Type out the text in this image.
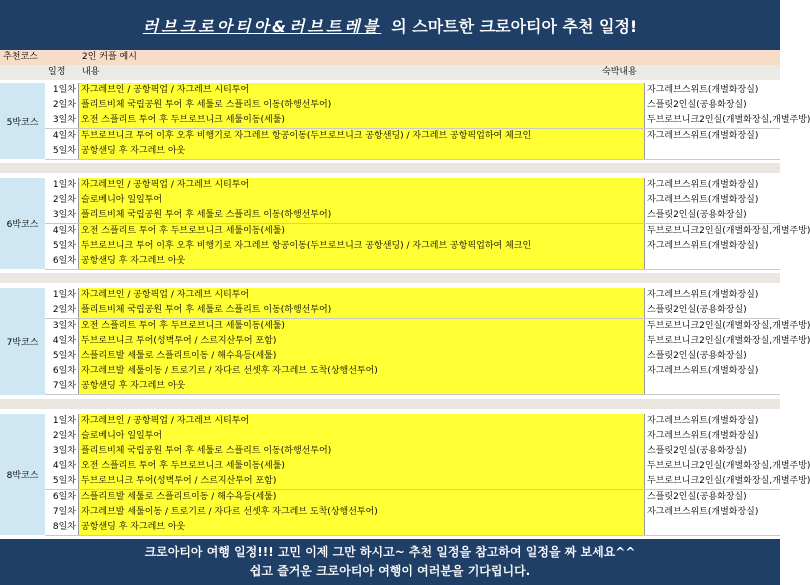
러브크로아티아&러브트레블 의 스마트한 크로아티아 추천 일정!
추천코스	2인 커플 예시
일정 내용	숙박내용
5박코스
1일차 자그레브인 / 공항픽업 / 자그레브 시티투어	자그레브스위트(개별화장실)
2일차 플리트비체 국립공원 투어 후 세툴로 스플리트 이동(하행선투어)	스플릿2인실(공용화장실)
3일차 오전 스플리트 투어 후 두브로브니크 세툴이동(세툴)	두브로브니크2인실(개별화장실,개별주방)
4일차 두브로브니크 투어 이후 오후 비행기로 자그레브 항공이동(두브로브니크 공항샌딩) / 자그레브 공항픽업하여 체크인	자그레브스위트(개별화장실)
5일차 공항샌딩 후 자그레브 아웃
6박코스
1일차 자그레브인 / 공항픽업 / 자그레브 시티투어	자그레브스위트(개별화장실)
2일차 슬로베니아 일일투어	자그레브스위트(개별화장실)
3일차 플리트비체 국립공원 투어 후 세툴로 스플리트 이동(하행선투어)	스플릿2인실(공용화장실)
4일차 오전 스플리트 투어 후 두브로브니크 세툴이동(세툴)	두브로브니크2인실(개별화장실,개별주방)
5일차 두브로브니크 투어 이후 오후 비행기로 자그레브 항공이동(두브로브니크 공항샌딩) / 자그레브 공항픽업하여 체크인	자그레브스위트(개별화장실)
6일차 공항샌딩 후 자그레브 아웃
7박코스
1일차 자그레브인 / 공항픽업 / 자그레브 시티투어	자그레브스위트(개별화장실)
2일차 플리트비체 국립공원 투어 후 세툴로 스플리트 이동(하행선투어)	스플릿2인실(공용화장실)
3일차 오전 스플리트 투어 후 두브로브니크 세툴이동(세툴)	두브로브니크2인실(개별화장실,개별주방)
4일차 두브로브니크 투어(성벽투어 / 스르지산투어 포함)	두브로브니크2인실(개별화장실,개별주방)
5일차 스플리트발 세툴로 스플리트이동 / 해수욕등(세툴)	스플릿2인실(공용화장실)
6일차 자그레브발 세툴이동 / 트로기르 / 자다르 선셋후 자그레브 도착(상행선투어)	자그레브스위트(개별화장실)
7일차 공항샌딩 후 자그레브 아웃
8박코스
1일차 자그레브인 / 공항픽업 / 자그레브 시티투어	자그레브스위트(개별화장실)
2일차 슬로베니아 일일투어	자그레브스위트(개별화장실)
3일차 플리트비체 국립공원 투어 후 세툴로 스플리트 이동(하행선투어)	스플릿2인실(공용화장실)
4일차 오전 스플리트 투어 후 두브로브니크 세툴이동(세툴)	두브로브니크2인실(개별화장실,개별주방)
5일차 두브로브니크 투어(성벽투어 / 스르지산투어 포함)	두브로브니크2인실(개별화장실,개별주방)
6일차 스플리트발 세툴로 스플리트이동 / 해수욕등(세툴)	스플릿2인실(공용화장실)
7일차 자그레브발 세툴이동 / 트로기르 / 자다르 선셋후 자그레브 도착(상행선투어)	자그레브스위트(개별화장실)
8일차 공항샌딩 후 자그레브 아웃
크로아티아 여행 일정!!! 고민 이제 그만 하시고~ 추천 일정을 참고하여 일정을 짜 보세요^^
쉽고 즐거운 크로아티아 여행이 여러분을 기다립니다.
